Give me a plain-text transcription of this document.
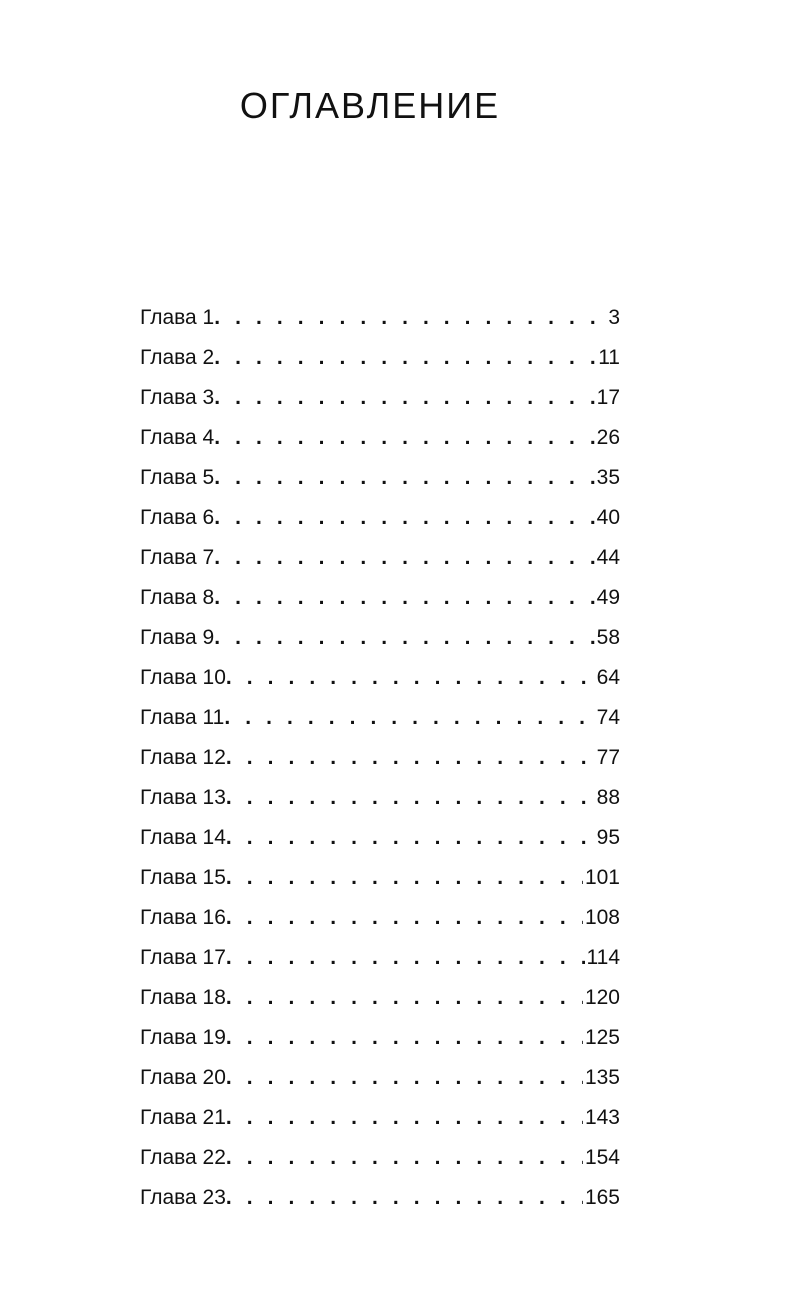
ОГЛАВЛЕНИЕ
Глава 1 . . .	3
Глава 2 . . .	11
Глава 3 . . .	17
Глава 4 . . .	26
Глава 5 . . .	35
Глава 6 . . .	40
Глава 7 . . .	44
Глава 8 . . .	49
Глава 9 . . .	58
Глава 10 . . .	64
Глава 11 . . .	74
Глава 12 . . .	77
Глава 13 . . .	88
Глава 14 . . .	95
Глава 15 . . .	101
Глава 16 . . .	108
Глава 17 . . .	114
Глава 18 . . .	120
Глава 19 . . .	125
Глава 20 . . .	135
Глава 21 . . .	143
Глава 22 . . .	154
Глава 23 . . .	165
